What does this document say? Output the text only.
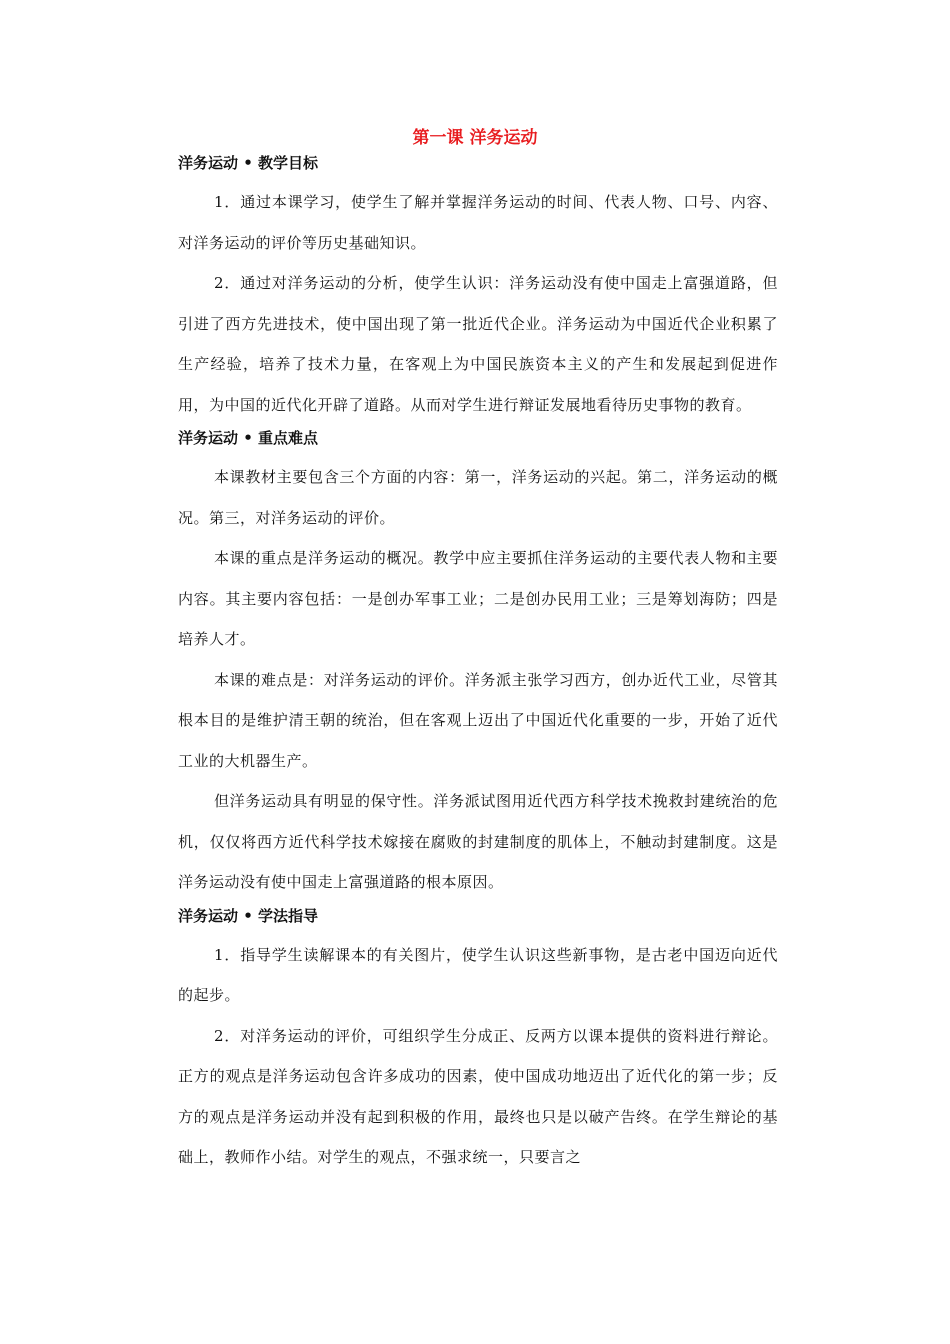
第一课 洋务运动
洋务运动 • 教学目标

1．通过本课学习，使学生了解并掌握洋务运动的时间、代表人物、口号、内容、对洋务运动的评价等历史基础知识。

2．通过对洋务运动的分析，使学生认识：洋务运动没有使中国走上富强道路，但引进了西方先进技术，使中国出现了第一批近代企业。洋务运动为中国近代企业积累了生产经验，培养了技术力量，在客观上为中国民族资本主义的产生和发展起到促进作用，为中国的近代化开辟了道路。从而对学生进行辩证发展地看待历史事物的教育。

洋务运动 • 重点难点

本课教材主要包含三个方面的内容：第一，洋务运动的兴起。第二，洋务运动的概况。第三，对洋务运动的评价。

本课的重点是洋务运动的概况。教学中应主要抓住洋务运动的主要代表人物和主要内容。其主要内容包括：一是创办军事工业；二是创办民用工业；三是筹划海防；四是培养人才。

本课的难点是：对洋务运动的评价。洋务派主张学习西方，创办近代工业，尽管其根本目的是维护清王朝的统治，但在客观上迈出了中国近代化重要的一步，开始了近代工业的大机器生产。

但洋务运动具有明显的保守性。洋务派试图用近代西方科学技术挽救封建统治的危机，仅仅将西方近代科学技术嫁接在腐败的封建制度的肌体上，不触动封建制度。这是洋务运动没有使中国走上富强道路的根本原因。

洋务运动 • 学法指导

1．指导学生读解课本的有关图片，使学生认识这些新事物，是古老中国迈向近代的起步。

2．对洋务运动的评价，可组织学生分成正、反两方以课本提供的资料进行辩论。正方的观点是洋务运动包含许多成功的因素，使中国成功地迈出了近代化的第一步；反方的观点是洋务运动并没有起到积极的作用，最终也只是以破产告终。在学生辩论的基础上，教师作小结。对学生的观点，不强求统一，只要言之
